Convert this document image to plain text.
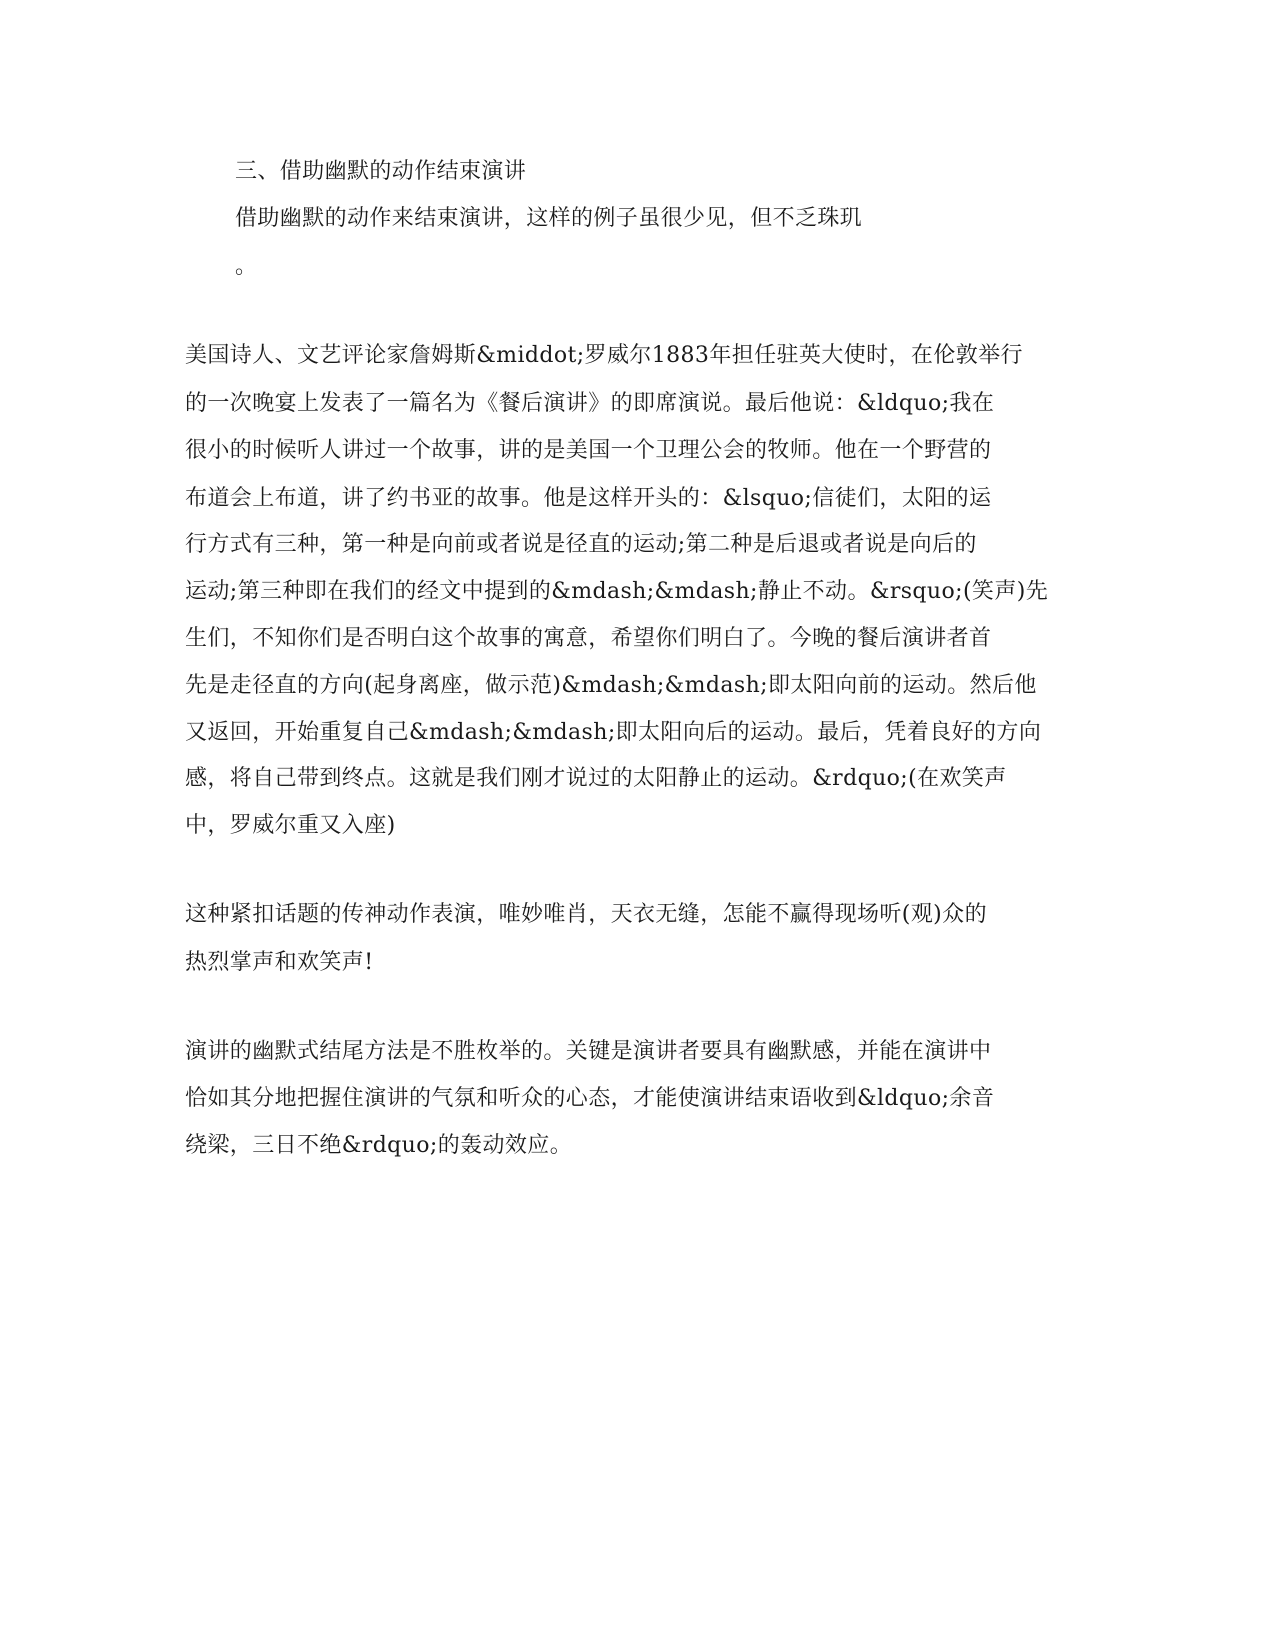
三、借助幽默的动作结束演讲
借助幽默的动作来结束演讲，这样的例子虽很少见，但不乏珠玑
。
美国诗人、文艺评论家詹姆斯&middot;罗威尔1883年担任驻英大使时，在伦敦举行
的一次晚宴上发表了一篇名为《餐后演讲》的即席演说。最后他说：&ldquo;我在
很小的时候听人讲过一个故事，讲的是美国一个卫理公会的牧师。他在一个野营的
布道会上布道，讲了约书亚的故事。他是这样开头的：&lsquo;信徒们，太阳的运
行方式有三种，第一种是向前或者说是径直的运动;第二种是后退或者说是向后的
运动;第三种即在我们的经文中提到的&mdash;&mdash;静止不动。&rsquo;(笑声)先
生们，不知你们是否明白这个故事的寓意，希望你们明白了。今晚的餐后演讲者首
先是走径直的方向(起身离座，做示范)&mdash;&mdash;即太阳向前的运动。然后他
又返回，开始重复自己&mdash;&mdash;即太阳向后的运动。最后，凭着良好的方向
感，将自己带到终点。这就是我们刚才说过的太阳静止的运动。&rdquo;(在欢笑声
中，罗威尔重又入座)
这种紧扣话题的传神动作表演，唯妙唯肖，天衣无缝，怎能不赢得现场听(观)众的
热烈掌声和欢笑声!
演讲的幽默式结尾方法是不胜枚举的。关键是演讲者要具有幽默感，并能在演讲中
恰如其分地把握住演讲的气氛和听众的心态，才能使演讲结束语收到&ldquo;余音
绕梁，三日不绝&rdquo;的轰动效应。
